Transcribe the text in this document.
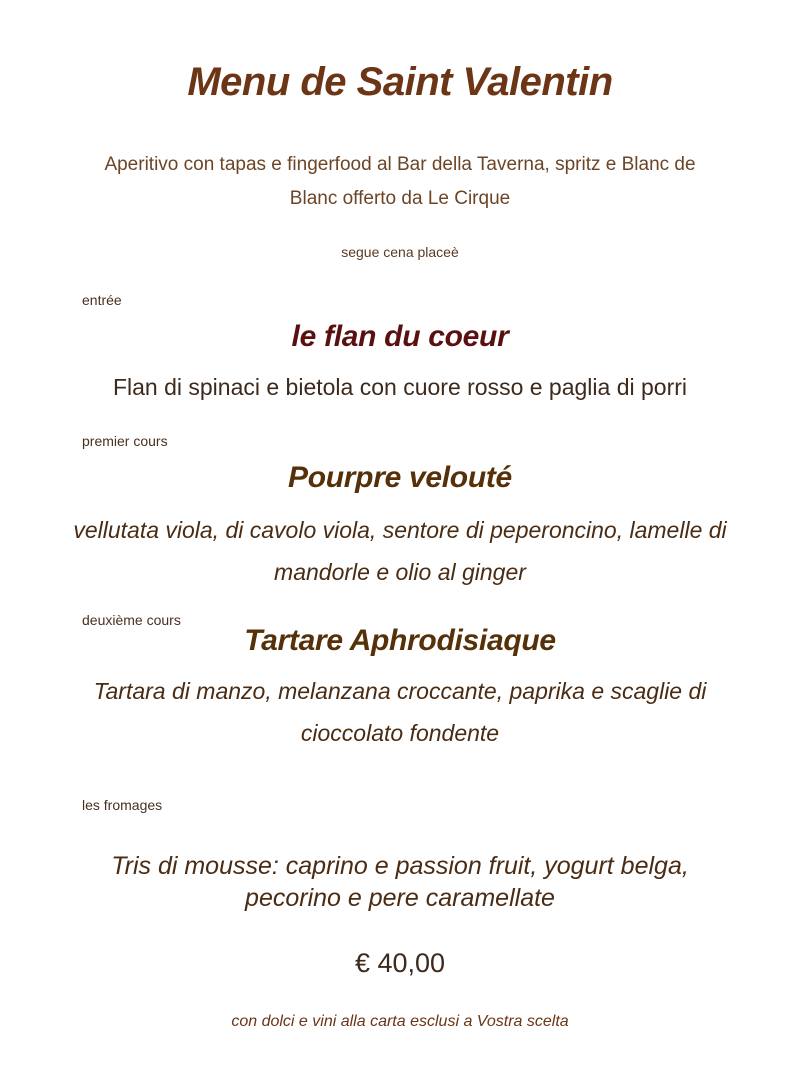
Menu de Saint Valentin

Aperitivo con tapas e fingerfood al Bar della Taverna, spritz e Blanc de Blanc offerto da Le Cirque

segue cena placeè

entrée

le flan du coeur

Flan di spinaci e bietola con cuore rosso e paglia di porri

premier cours

Pourpre velouté

vellutata viola, di cavolo viola, sentore di peperoncino, lamelle di mandorle e olio al ginger

deuxième cours

Tartare Aphrodisiaque

Tartara di manzo, melanzana croccante, paprika e scaglie di cioccolato fondente

les fromages

Tris di mousse: caprino e passion fruit, yogurt belga, pecorino e pere caramellate

€ 40,00

con dolci e vini alla carta esclusi a Vostra scelta
